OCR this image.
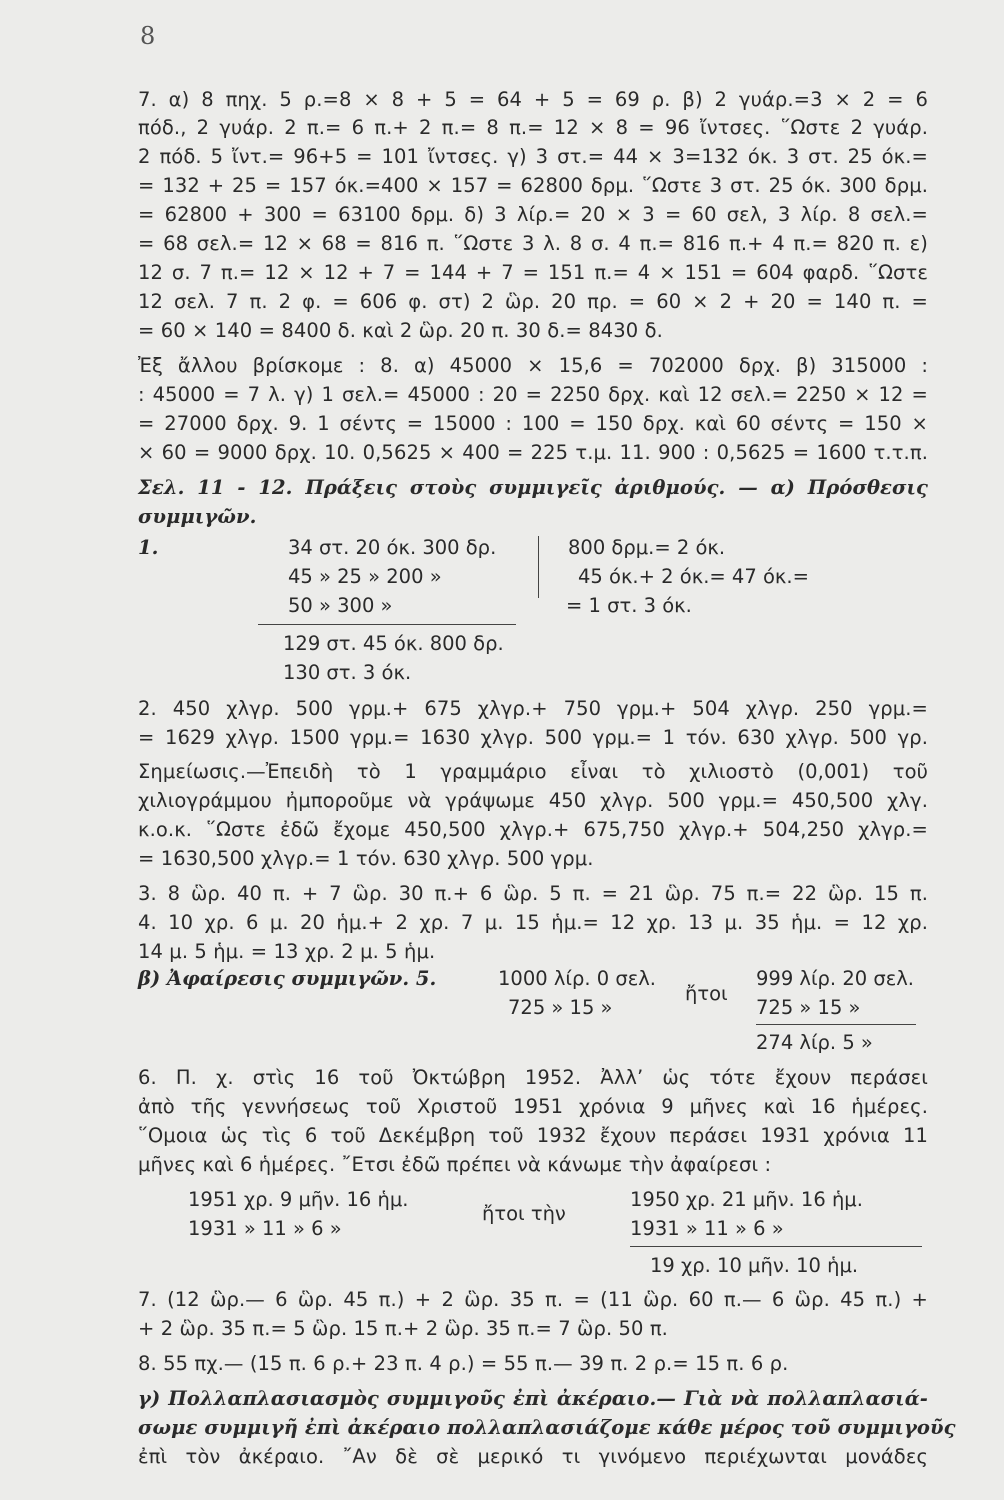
8
7. α) 8 πηχ. 5 ρ.=8 × 8 + 5 = 64 + 5 = 69 ρ. β) 2 γυάρ.=3 × 2 = 6
πόδ., 2 γυάρ. 2 π.= 6 π.+ 2 π.= 8 π.= 12 × 8 = 96 ἴντσες. ῞Ωστε 2 γυάρ.
2 πόδ. 5 ἴντ.= 96+5 = 101 ἴντσες. γ) 3 στ.= 44 × 3=132 όκ. 3 στ. 25 όκ.=
= 132 + 25 = 157 όκ.=400 × 157 = 62800 δρμ. ῞Ωστε 3 στ. 25 όκ. 300 δρμ.
= 62800 + 300 = 63100 δρμ. δ) 3 λίρ.= 20 × 3 = 60 σελ, 3 λίρ. 8 σελ.=
= 68 σελ.= 12 × 68 = 816 π. ῞Ωστε 3 λ. 8 σ. 4 π.= 816 π.+ 4 π.= 820 π. ε)
12 σ. 7 π.= 12 × 12 + 7 = 144 + 7 = 151 π.= 4 × 151 = 604 φαρδ. ῞Ωστε
12 σελ. 7 π. 2 φ. = 606 φ. στ) 2 ὣρ. 20 πρ. = 60 × 2 + 20 = 140 π. =
= 60 × 140 = 8400 δ. καὶ 2 ὣρ. 20 π. 30 δ.= 8430 δ.
Ἐξ ἄλλου βρίσκομε : 8. α) 45000 × 15,6 = 702000 δρχ. β) 315000 :
: 45000 = 7 λ. γ) 1 σελ.= 45000 : 20 = 2250 δρχ. καὶ 12 σελ.= 2250 × 12 =
= 27000 δρχ. 9. 1 σέντς = 15000 : 100 = 150 δρχ. καὶ 60 σέντς = 150 ×
× 60 = 9000 δρχ. 10. 0,5625 × 400 = 225 τ.μ. 11. 900 : 0,5625 = 1600 τ.τ.π.
Σελ. 11 - 12. Πράξεις στοὺς συμμιγεῖς ἀριθμούς. — α) Πρόσθεσις
συμμιγῶν.
1.	34 στ. 20 όκ. 300 δρ.
45 » 25 » 200 »
50 » 300 »
129 στ. 45 όκ. 800 δρ.
130 στ. 3 όκ.
800 δρμ.= 2 όκ.
45 όκ.+ 2 όκ.= 47 όκ.=
= 1 στ. 3 όκ.
2. 450 χλγρ. 500 γρμ.+ 675 χλγρ.+ 750 γρμ.+ 504 χλγρ. 250 γρμ.=
= 1629 χλγρ. 1500 γρμ.= 1630 χλγρ. 500 γρμ.= 1 τόν. 630 χλγρ. 500 γρ.
Σημείωσις.—Ἐπειδὴ τὸ 1 γραμμάριο εἶναι τὸ χιλιοστὸ (0,001) τοῦ
χιλιογράμμου ἠμποροῦμε νὰ γράψωμε 450 χλγρ. 500 γρμ.= 450,500 χλγ.
κ.ο.κ. ῞Ωστε ἐδῶ ἔχομε 450,500 χλγρ.+ 675,750 χλγρ.+ 504,250 χλγρ.=
= 1630,500 χλγρ.= 1 τόν. 630 χλγρ. 500 γρμ.
3. 8 ὣρ. 40 π. + 7 ὣρ. 30 π.+ 6 ὣρ. 5 π. = 21 ὣρ. 75 π.= 22 ὣρ. 15 π.
4. 10 χρ. 6 μ. 20 ἡμ.+ 2 χρ. 7 μ. 15 ἡμ.= 12 χρ. 13 μ. 35 ἡμ. = 12 χρ.
14 μ. 5 ἡμ. = 13 χρ. 2 μ. 5 ἡμ.
β) Ἀφαίρεσις συμμιγῶν. 5.	1000 λίρ. 0 σελ.
725 » 15 »
ἤτοι
999 λίρ. 20 σελ.
725 » 15 »
274 λίρ. 5 »
6. Π. χ. στὶς 16 τοῦ Ὀκτώβρη 1952. Ἀλλ’ ὡς τότε ἔχουν περάσει
ἀπὸ τῆς γεννήσεως τοῦ Χριστοῦ 1951 χρόνια 9 μῆνες καὶ 16 ἡμέρες.
῞Ομοια ὡς τὶς 6 τοῦ Δεκέμβρη τοῦ 1932 ἔχουν περάσει 1931 χρόνια 11
μῆνες καὶ 6 ἡμέρες. ῎Ετσι ἐδῶ πρέπει νὰ κάνωμε τὴν ἀφαίρεσι :
1951 χρ. 9 μῆν. 16 ἡμ.
1931 » 11 » 6 »
ἤτοι τὴν
1950 χρ. 21 μῆν. 16 ἡμ.
1931 » 11 » 6 »
19 χρ. 10 μῆν. 10 ἡμ.
7. (12 ὣρ.— 6 ὣρ. 45 π.) + 2 ὣρ. 35 π. = (11 ὣρ. 60 π.— 6 ὣρ. 45 π.) +
+ 2 ὣρ. 35 π.= 5 ὣρ. 15 π.+ 2 ὣρ. 35 π.= 7 ὣρ. 50 π.
8. 55 πχ.— (15 π. 6 ρ.+ 23 π. 4 ρ.) = 55 π.— 39 π. 2 ρ.= 15 π. 6 ρ.
γ) Πολλαπλασιασμὸς συμμιγοῦς ἐπὶ ἀκέραιο.— Γιὰ νὰ πολλαπλασιά-
σωμε συμμιγῆ ἐπὶ ἀκέραιο πολλαπλασιάζομε κάθε μέρος τοῦ συμμιγοῦς
ἐπὶ τὸν ἀκέραιο. ῎Αν δὲ σὲ μερικό τι γινόμενο περιέχωνται μονάδες
